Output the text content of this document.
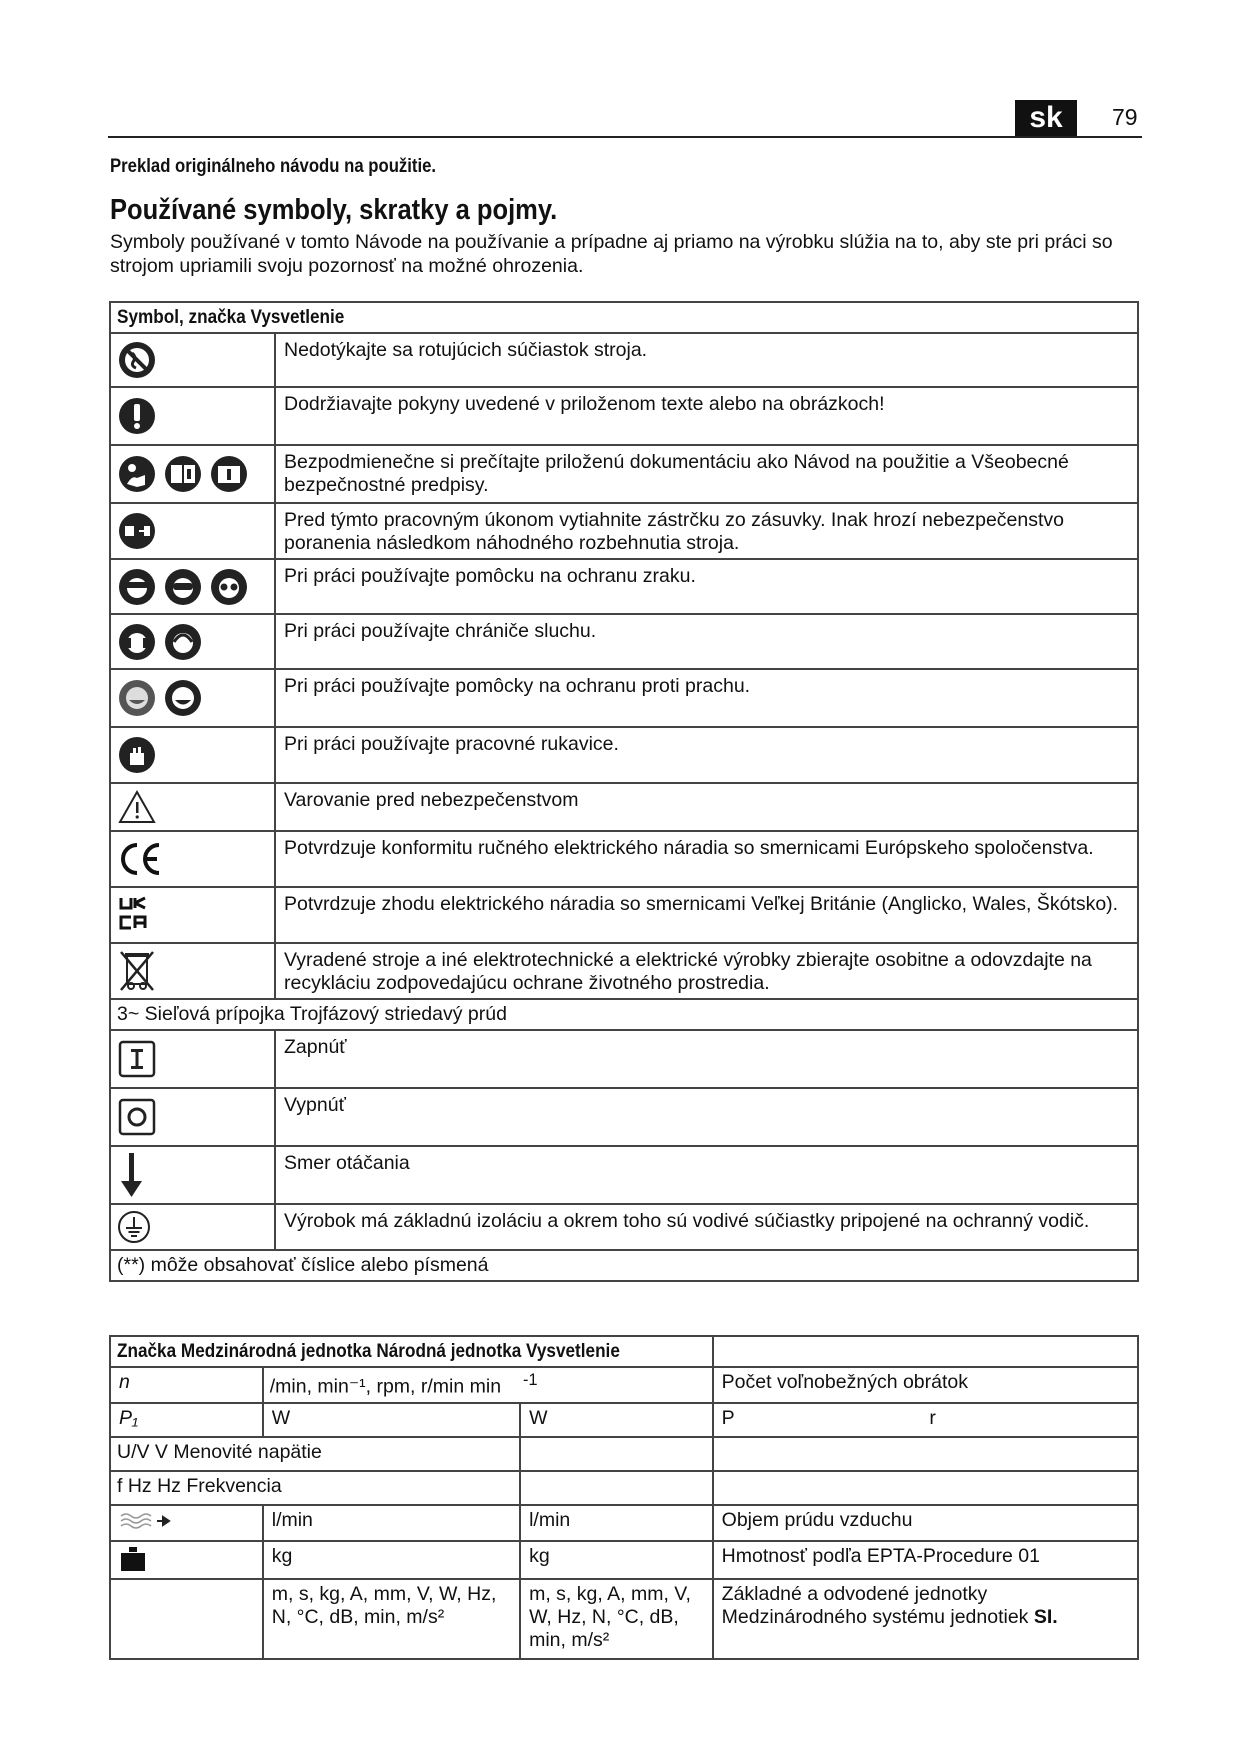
sk	79
Preklad originálneho návodu na použitie.
Používané symboly, skratky a pojmy.
Symboly používané v tomto Návode na používanie a prípadne aj priamo na výrobku slúžia na to, aby ste pri práci so strojom upriamili svoju pozornosť na možné ohrozenia.
Symbol, značka Vysvetlenie	

	Nedotýkajte sa rotujúcich súčiastok stroja.

	Dodržiavajte pokyny uvedené v priloženom texte alebo na obrázkoch!

	Bezpodmienečne si prečítajte priloženú dokumentáciu ako Návod na použitie a Všeobecné bezpečnostné predpisy.

	Pred týmto pracovným úkonom vytiahnite zástrčku zo zásuvky. Inak hrozí nebezpečenstvo poranenia následkom náhodného rozbehnutia stroja.

	Pri práci používajte pomôcku na ochranu zraku.

	Pri práci používajte chrániče sluchu.

	Pri práci používajte pomôcky na ochranu proti prachu.

	Pri práci používajte pracovné rukavice.

	Varovanie pred nebezpečenstvom

	Potvrdzuje konformitu ručného elektrického náradia so smernicami Európskeho spoločenstva.

	Potvrdzuje zhodu elektrického náradia so smernicami Veľkej Británie (Anglicko, Wales, Škótsko).

	Vyradené stroje a iné elektrotechnické a elektrické výrobky zbierajte osobitne a odovzdajte na recykláciu zodpovedajúcu ochrane životného prostredia.
3~ Sieľová prípojka Trojfázový striedavý prúd	

	Zapnúť

	Vypnúť

	Smer otáčania

	Výrobok má základnú izoláciu a okrem toho sú vodivé súčiastky pripojené na ochranný vodič.
(**) môže obsahovať číslice alebo písmená	
Značka Medzinárodná jednotka Národná jednotka Vysvetlenie			
n	/min, min⁻¹, rpm, r/min min $^{-1}$		Počet voľnobežných obrátok
P₁	W	W	P                                    r
U/V V Menovité napätie			
f Hz Hz Frekvencia			

	l/min	l/min	Objem prúdu vzduchu

	kg	kg	Hmotnosť podľa EPTA-Procedure 01
	m, s, kg, A, mm, V, W, Hz, N, °C, dB, min, m/s²	m, s, kg, A, mm, V, W, Hz, N, °C, dB, min, m/s²	Základné a odvodené jednotky Medzinárodného systému jednotiek SI.
